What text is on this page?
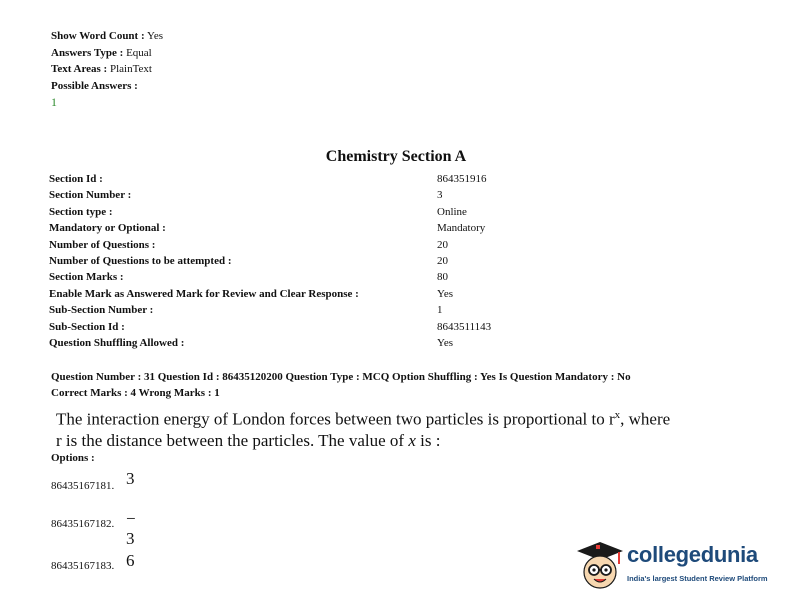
Show Word Count : Yes
Answers Type : Equal
Text Areas : PlainText
Possible Answers :
1
Chemistry Section A
Section Id :	864351916
Section Number :	3
Section type :	Online
Mandatory or Optional :	Mandatory
Number of Questions :	20
Number of Questions to be attempted :	20
Section Marks :	80
Enable Mark as Answered Mark for Review and Clear Response :	Yes
Sub-Section Number :	1
Sub-Section Id :	8643511143
Question Shuffling Allowed :	Yes
Question Number : 31 Question Id : 86435120200 Question Type : MCQ Option Shuffling : Yes Is Question Mandatory : No
Correct Marks : 4 Wrong Marks : 1
The interaction energy of London forces between two particles is proportional to $r^x$, where
r is the distance between the particles. The value of x is :
Options :
86435167181. 3
86435167182. − 3
86435167183. 6	collegedunia
India's largest Student Review Platform
